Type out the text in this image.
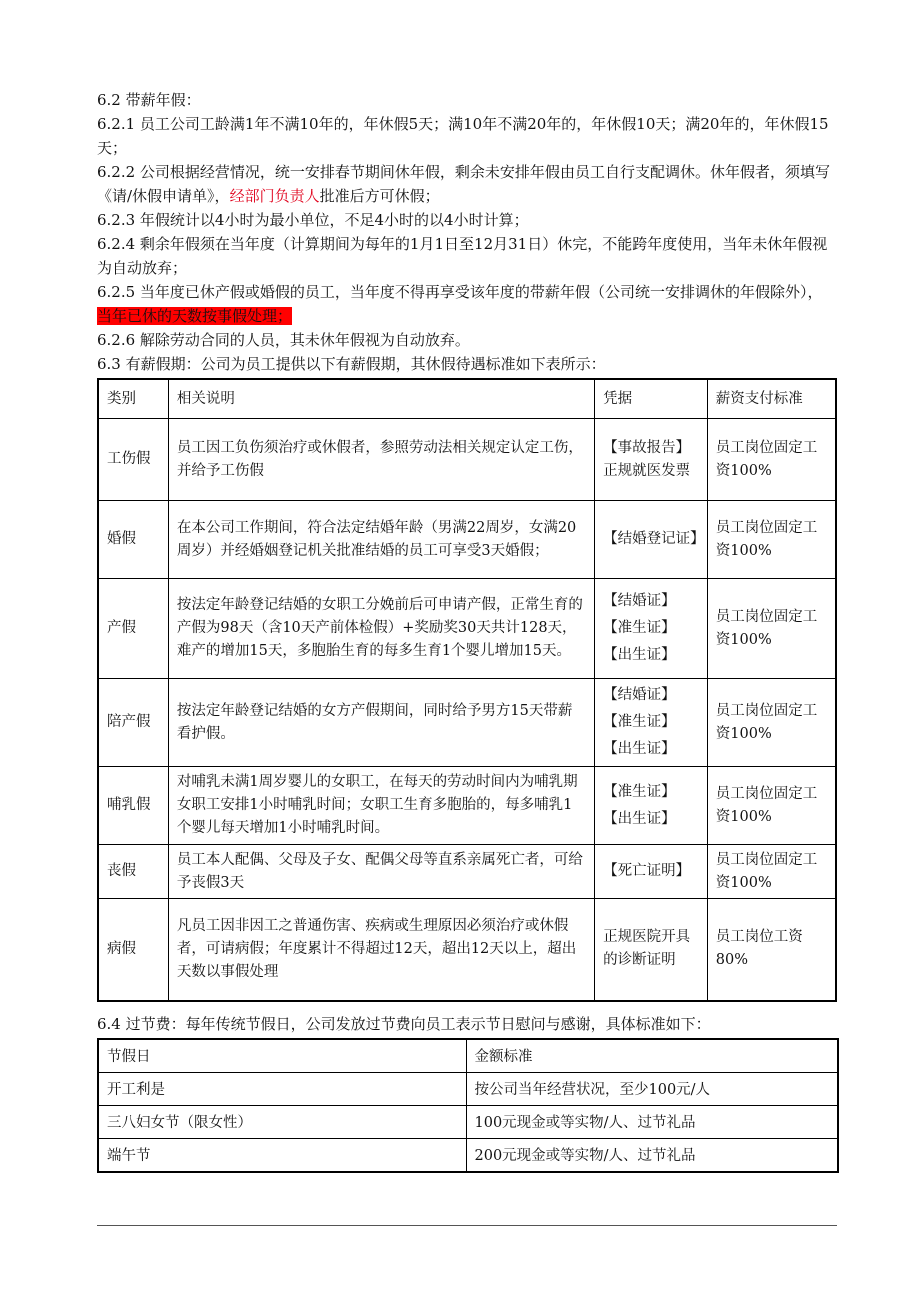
6.2 带薪年假：

6.2.1 员工公司工龄满1年不满10年的，年休假5天；满10年不满20年的，年休假10天；满20年的，年休假15天；

6.2.2 公司根据经营情况，统一安排春节期间休年假，剩余未安排年假由员工自行支配调休。休年假者，须填写《请/休假申请单》，经部门负责人批准后方可休假；

6.2.3 年假统计以4小时为最小单位，不足4小时的以4小时计算；

6.2.4 剩余年假须在当年度（计算期间为每年的1月1日至12月31日）休完，不能跨年度使用，当年未休年假视为自动放弃；

6.2.5 当年度已休产假或婚假的员工，当年度不得再享受该年度的带薪年假（公司统一安排调休的年假除外），当年已休的天数按事假处理；

6.2.6 解除劳动合同的人员，其未休年假视为自动放弃。

6.3 有薪假期：公司为员工提供以下有薪假期，其休假待遇标准如下表所示：

类别	相关说明	凭据	薪资支付标准
工伤假	员工因工负伤须治疗或休假者，参照劳动法相关规定认定工伤，并给予工伤假	【事故报告】正规就医发票	员工岗位固定工资100%
婚假	在本公司工作期间，符合法定结婚年龄（男满22周岁，女满20周岁）并经婚姻登记机关批准结婚的员工可享受3天婚假；	【结婚登记证】	员工岗位固定工资100%
产假	按法定年龄登记结婚的女职工分娩前后可申请产假，正常生育的产假为98天（含10天产前体检假）+奖励奖30天共计128天，难产的增加15天，多胞胎生育的每多生育1个婴儿增加15天。	【结婚证】
【准生证】
【出生证】	员工岗位固定工资100%
陪产假	按法定年龄登记结婚的女方产假期间，同时给予男方15天带薪看护假。	【结婚证】
【准生证】
【出生证】	员工岗位固定工资100%
哺乳假	对哺乳未满1周岁婴儿的女职工，在每天的劳动时间内为哺乳期女职工安排1小时哺乳时间；女职工生育多胞胎的，每多哺乳1个婴儿每天增加1小时哺乳时间。	【准生证】
【出生证】	员工岗位固定工资100%
丧假	员工本人配偶、父母及子女、配偶父母等直系亲属死亡者，可给予丧假3天	【死亡证明】	员工岗位固定工资100%
病假	凡员工因非因工之普通伤害、疾病或生理原因必须治疗或休假者，可请病假；年度累计不得超过12天，超出12天以上，超出天数以事假处理	正规医院开具的诊断证明	员工岗位工资80%

6.4 过节费：每年传统节假日，公司发放过节费向员工表示节日慰问与感谢，具体标准如下：

节假日	金额标准
开工利是	按公司当年经营状况，至少100元/人
三八妇女节（限女性）	100元现金或等实物/人、过节礼品
端午节	200元现金或等实物/人、过节礼品
